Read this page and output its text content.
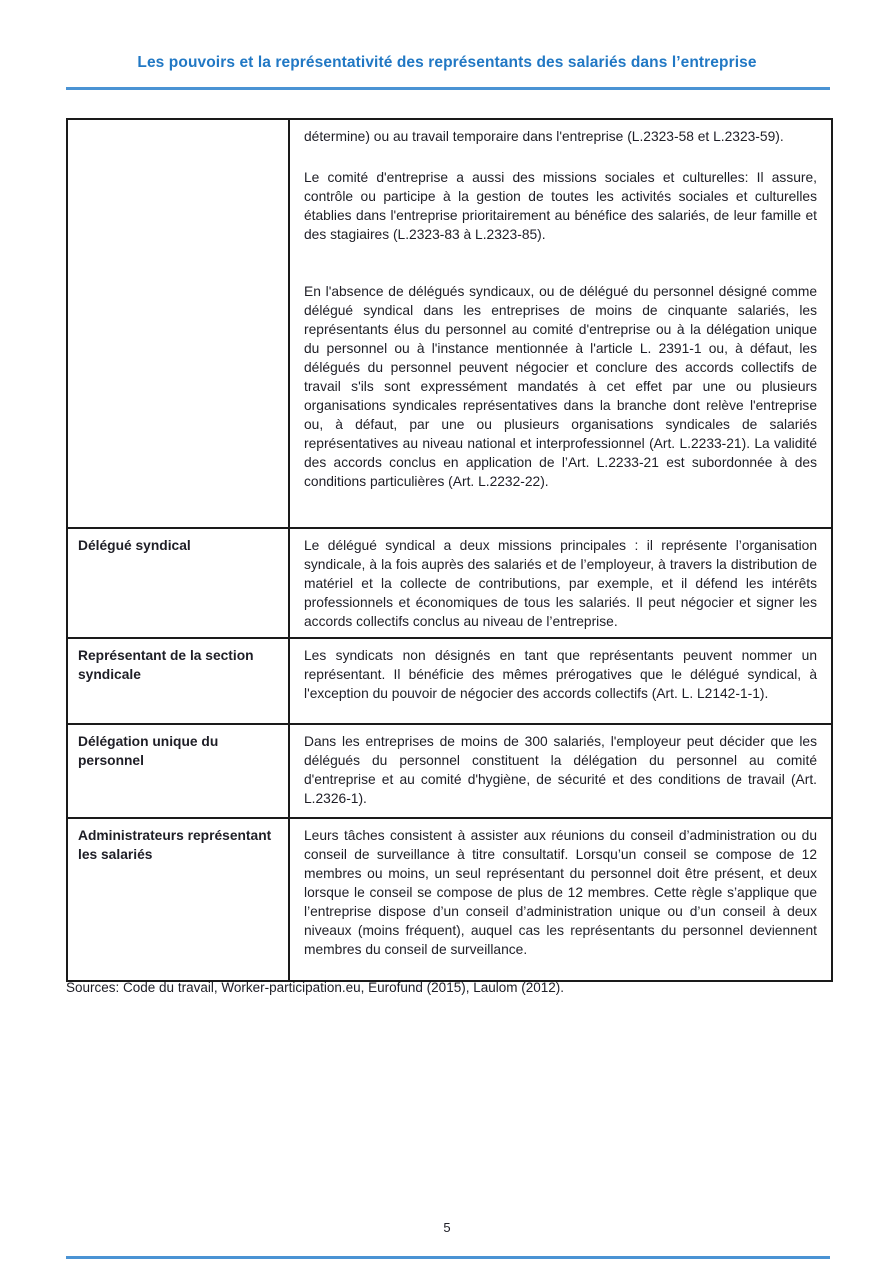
Les pouvoirs et la représentativité des représentants des salariés dans l’entreprise

	détermine) ou au travail temporaire dans l'entreprise (L.2323-58 et L.2323-59).

Le comité d'entreprise a aussi des missions sociales et culturelles: Il assure, contrôle ou participe à la gestion de toutes les activités sociales et culturelles établies dans l'entreprise prioritairement au bénéfice des salariés, de leur famille et des stagiaires (L.2323-83 à L.2323-85).

En l'absence de délégués syndicaux, ou de délégué du personnel désigné comme délégué syndical dans les entreprises de moins de cinquante salariés, les représentants élus du personnel au comité d'entreprise ou à la délégation unique du personnel ou à l'instance mentionnée à l'article L. 2391-1 ou, à défaut, les délégués du personnel peuvent négocier et conclure des accords collectifs de travail s'ils sont expressément mandatés à cet effet par une ou plusieurs organisations syndicales représentatives dans la branche dont relève l'entreprise ou, à défaut, par une ou plusieurs organisations syndicales de salariés représentatives au niveau national et interprofessionnel (Art. L.2233-21). La validité des accords conclus en application de l’Art. L.2233-21 est subordonnée à des conditions particulières (Art. L.2232-22).

Délégué syndical	Le délégué syndical a deux missions principales : il représente l’organisation syndicale, à la fois auprès des salariés et de l’employeur, à travers la distribution de matériel et la collecte de contributions, par exemple, et il défend les intérêts professionnels et économiques de tous les salariés. Il peut négocier et signer les accords collectifs conclus au niveau de l’entreprise.

Représentant de la section syndicale	Les syndicats non désignés en tant que représentants peuvent nommer un représentant. Il bénéficie des mêmes prérogatives que le délégué syndical, à l'exception du pouvoir de négocier des accords collectifs (Art. L. L2142-1-1).

Délégation unique du personnel	Dans les entreprises de moins de 300 salariés, l'employeur peut décider que les délégués du personnel constituent la délégation du personnel au comité d'entreprise et au comité d'hygiène, de sécurité et des conditions de travail (Art. L.2326-1).

Administrateurs représentant les salariés	Leurs tâches consistent à assister aux réunions du conseil d’administration ou du conseil de surveillance à titre consultatif. Lorsqu’un conseil se compose de 12 membres ou moins, un seul représentant du personnel doit être présent, et deux lorsque le conseil se compose de plus de 12 membres. Cette règle s’applique que l’entreprise dispose d’un conseil d’administration unique ou d’un conseil à deux niveaux (moins fréquent), auquel cas les représentants du personnel deviennent membres du conseil de surveillance.

Sources: Code du travail, Worker-participation.eu, Eurofund (2015), Laulom (2012).
5
